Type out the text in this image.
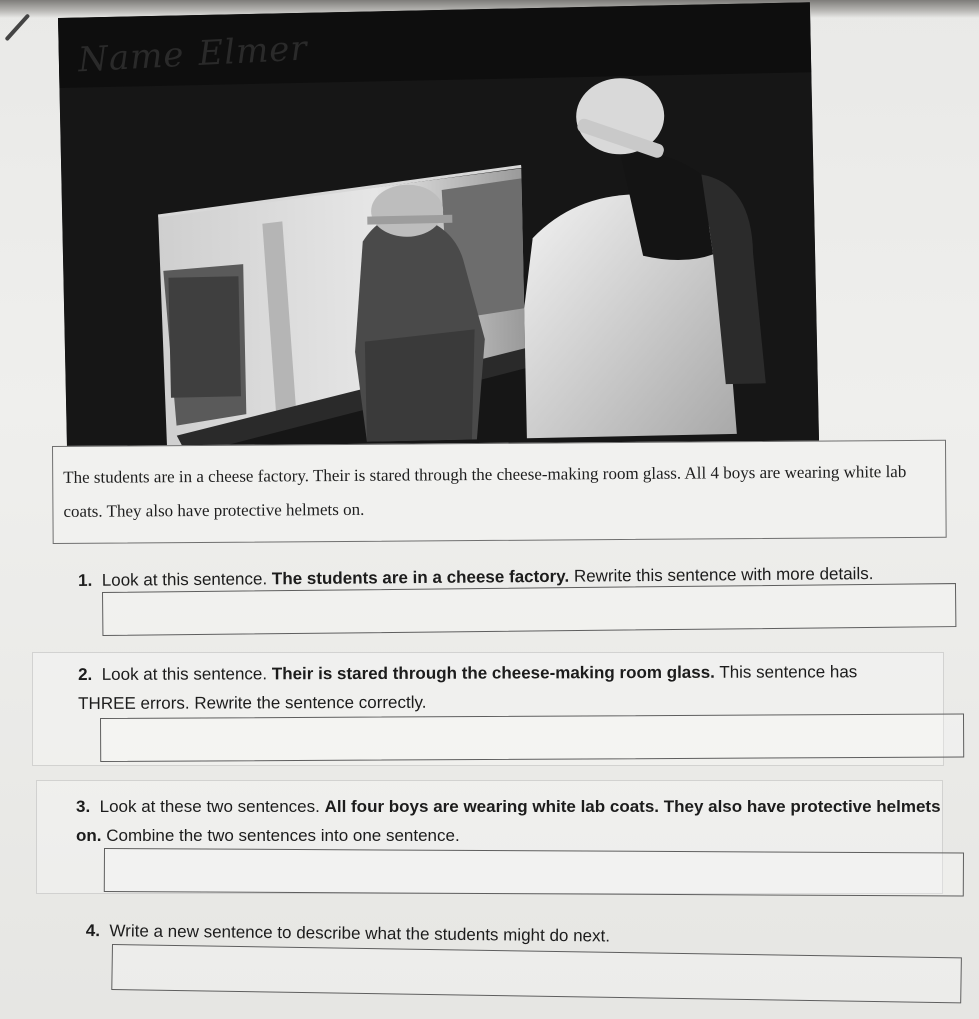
Name Elmer

The students are in a cheese factory. Their is stared through the cheese-making room glass. All 4 boys are wearing white lab coats. They also have protective helmets on.

1. Look at this sentence. The students are in a cheese factory. Rewrite this sentence with more details.
2. Look at this sentence. Their is stared through the cheese-making room glass. This sentence has THREE errors. Rewrite the sentence correctly.
3. Look at these two sentences. All four boys are wearing white lab coats. They also have protective helmets on. Combine the two sentences into one sentence.
4. Write a new sentence to describe what the students might do next.
